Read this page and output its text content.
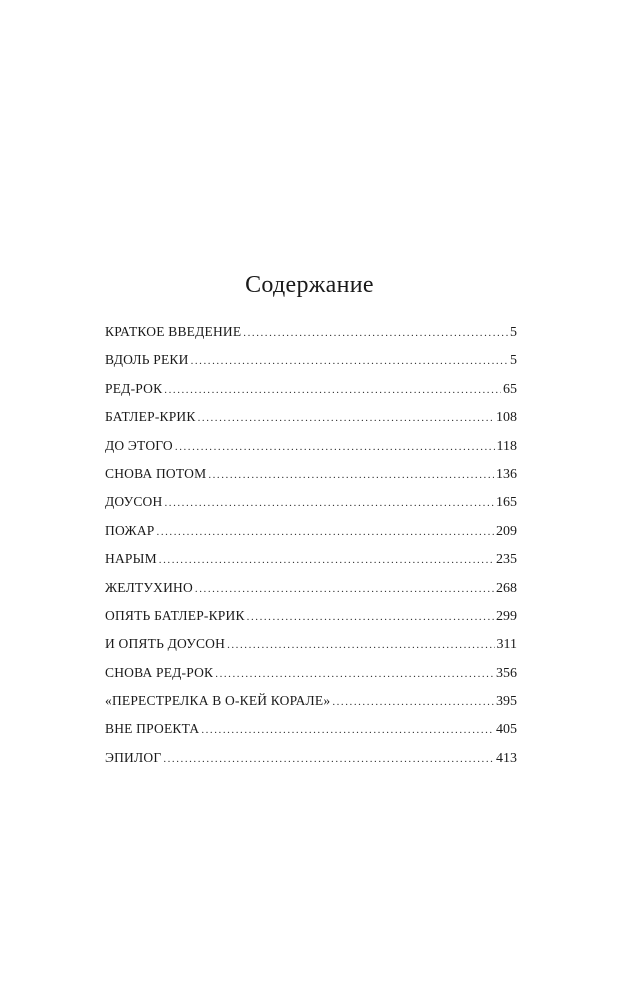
Содержание
КРАТКОЕ ВВЕДЕНИЕ . . .	5
ВДОЛЬ РЕКИ . . .	5
РЕД-РОК . . .	65
БАТЛЕР-КРИК . . .	108
ДО ЭТОГО . . .	118
СНОВА ПОТОМ . . .	136
ДОУСОН . . .	165
ПОЖАР . . .	209
НАРЫМ . . .	235
ЖЕЛТУХИНО . . .	268
ОПЯТЬ БАТЛЕР-КРИК . . .	299
И ОПЯТЬ ДОУСОН . . .	311
СНОВА РЕД-РОК . . .	356
«ПЕРЕСТРЕЛКА В О-КЕЙ КОРАЛЕ» . . .	395
ВНЕ ПРОЕКТА . . .	405
ЭПИЛОГ . . .	413
